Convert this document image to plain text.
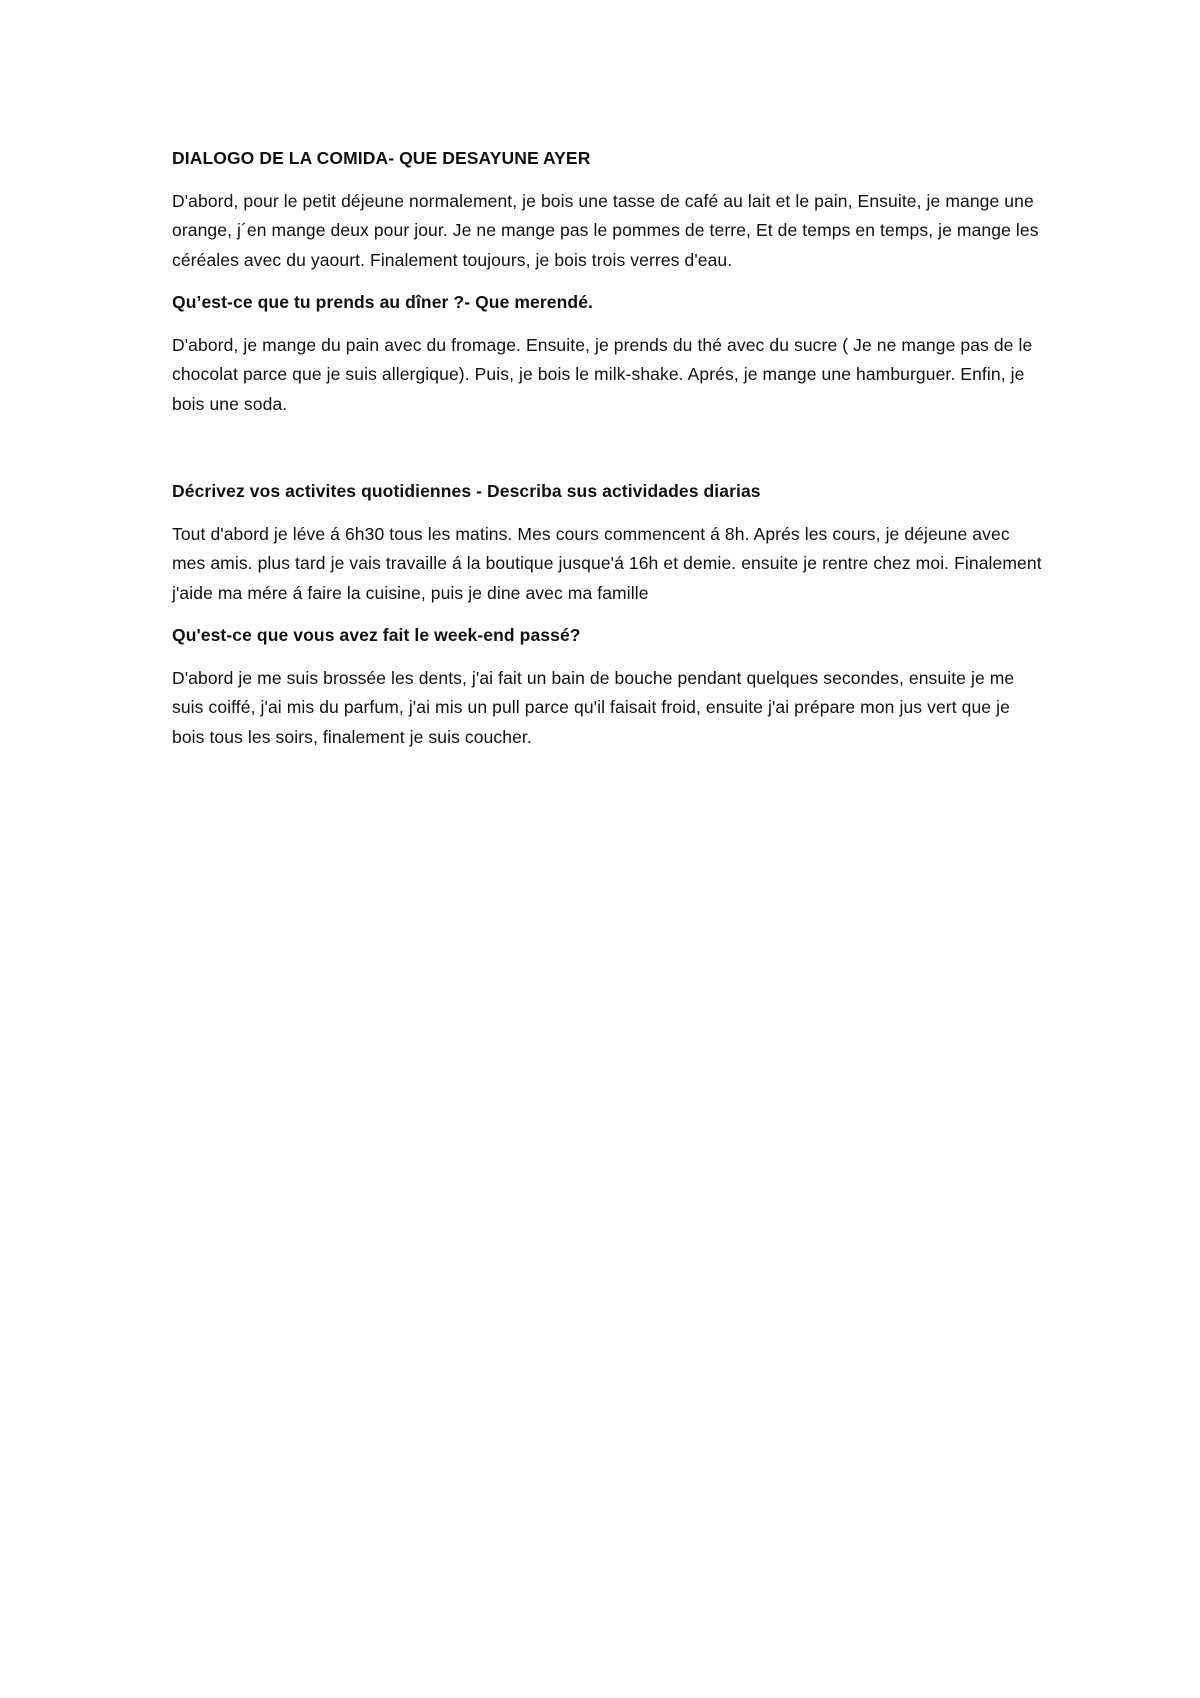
DIALOGO DE LA COMIDA- QUE DESAYUNE AYER
D'abord, pour le petit déjeune normalement, je bois une tasse de café au lait et le pain, Ensuite, je mange une orange, j´en mange deux pour jour. Je ne mange pas le pommes de terre, Et de temps en temps, je mange les céréales avec du yaourt. Finalement toujours, je bois trois verres d'eau.
Qu’est-ce que tu prends au dîner ?- Que merendé.
D'abord, je mange du pain avec du fromage. Ensuite, je prends du thé avec du sucre ( Je ne mange pas de le chocolat parce que je suis allergique). Puis, je bois le milk-shake. Aprés, je mange une hamburguer. Enfin, je bois une soda.
Décrivez vos activites quotidiennes - Describa sus actividades diarias
Tout d'abord je léve á 6h30 tous les matins. Mes cours commencent á 8h. Aprés les cours, je déjeune avec mes amis. plus tard je vais travaille á la boutique jusque'á 16h et demie. ensuite je rentre chez moi. Finalement j'aide ma mére á faire la cuisine, puis je dine avec ma famille
Qu'est-ce que vous avez fait le week-end passé?
D'abord je me suis brossée les dents, j'ai fait un bain de bouche pendant quelques secondes, ensuite je me suis coiffé, j'ai mis du parfum, j'ai mis un pull parce qu'il faisait froid, ensuite j'ai prépare mon jus vert que je bois tous les soirs, finalement je suis coucher.
